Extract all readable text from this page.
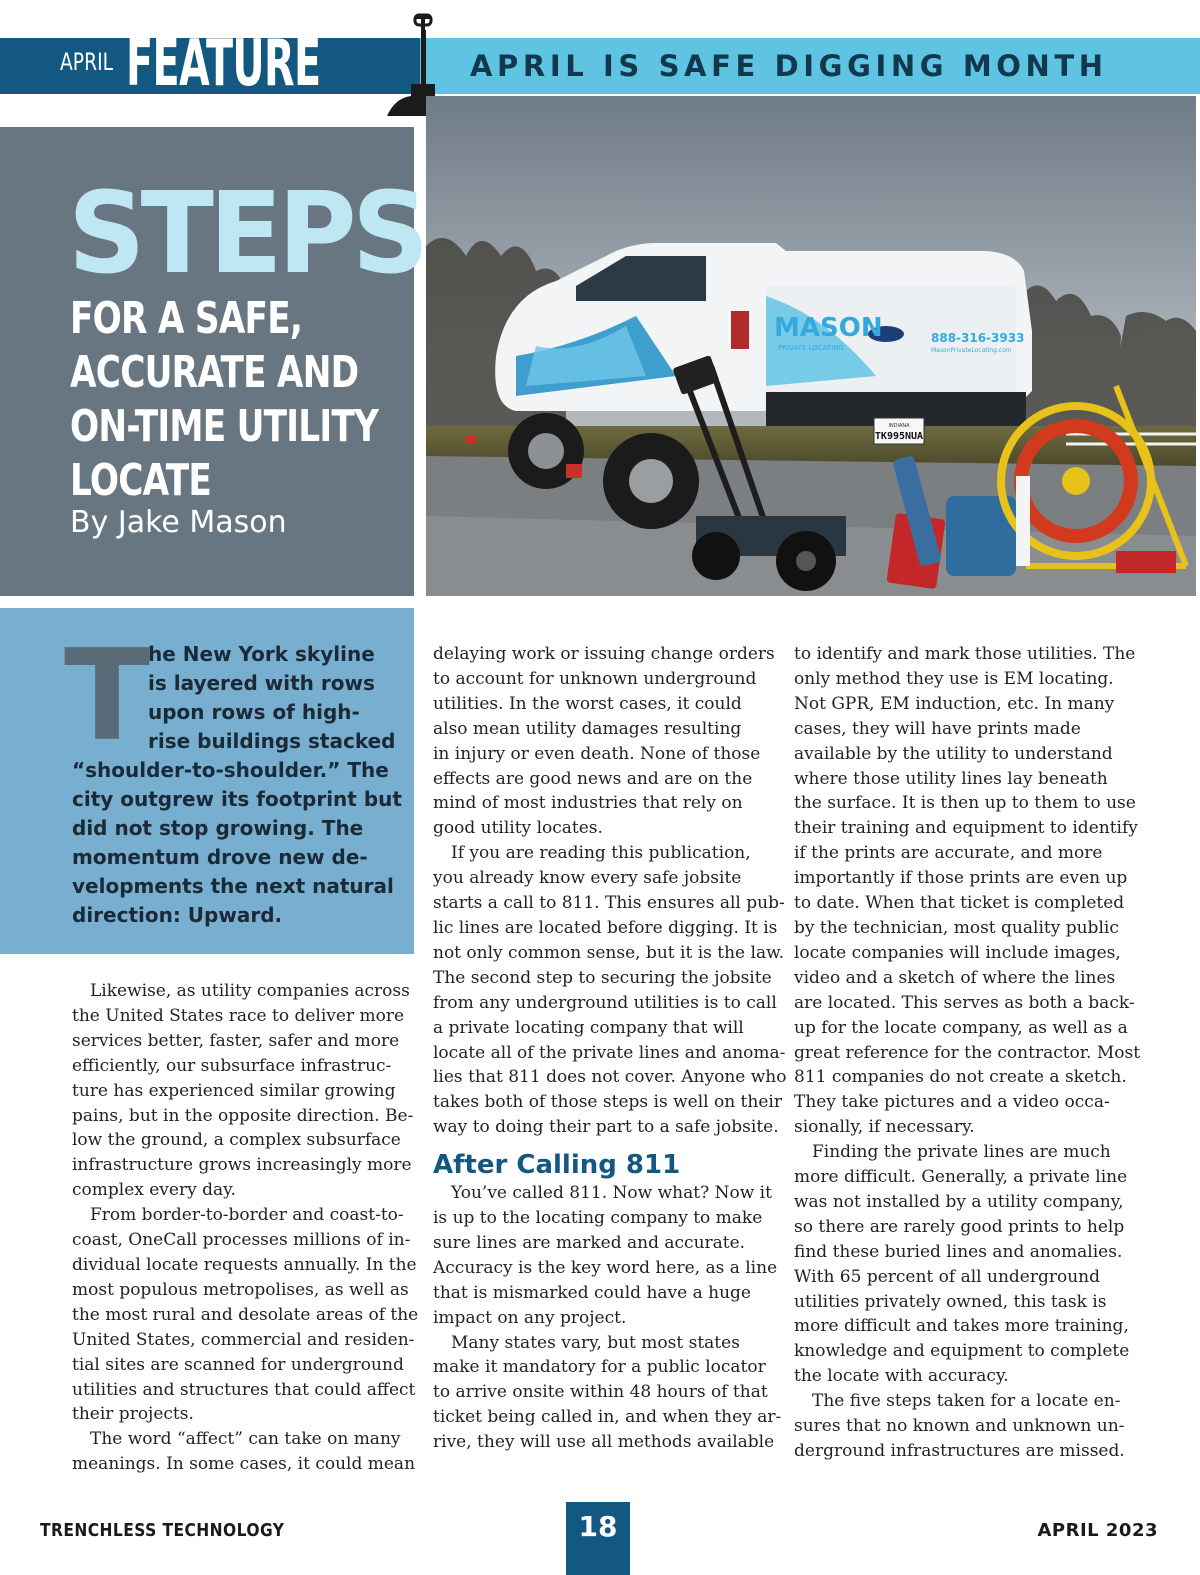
APRIL FEATURE	APRIL IS SAFE DIGGING MONTH
STEPS
FOR A SAFE,
ACCURATE AND
ON-TIME UTILITY
LOCATE
By Jake Mason
MASON
PRIVATE LOCATING
888-316-3933
MasonPrivateLocating.com
INDIANA
TK995NUA
T
he New York skyline
is layered with rows
upon rows of high-
rise buildings stacked
“shoulder-to-shoulder.” The
city outgrew its footprint but
did not stop growing. The
momentum drove new de-
velopments the next natural
direction: Upward.
Likewise, as utility companies across
the United States race to deliver more
services better, faster, safer and more
efficiently, our subsurface infrastruc-
ture has experienced similar growing
pains, but in the opposite direction. Be-
low the ground, a complex subsurface
infrastructure grows increasingly more
complex every day.
From border-to-border and coast-to-
coast, OneCall processes millions of in-
dividual locate requests annually. In the
most populous metropolises, as well as
the most rural and desolate areas of the
United States, commercial and residen-
tial sites are scanned for underground
utilities and structures that could affect
their projects.
The word “affect” can take on many
meanings. In some cases, it could mean
delaying work or issuing change orders
to account for unknown underground
utilities. In the worst cases, it could
also mean utility damages resulting
in injury or even death. None of those
effects are good news and are on the
mind of most industries that rely on
good utility locates.
If you are reading this publication,
you already know every safe jobsite
starts a call to 811. This ensures all pub-
lic lines are located before digging. It is
not only common sense, but it is the law.
The second step to securing the jobsite
from any underground utilities is to call
a private locating company that will
locate all of the private lines and anoma-
lies that 811 does not cover. Anyone who
takes both of those steps is well on their
way to doing their part to a safe jobsite.
After Calling 811
You’ve called 811. Now what? Now it
is up to the locating company to make
sure lines are marked and accurate.
Accuracy is the key word here, as a line
that is mismarked could have a huge
impact on any project.
Many states vary, but most states
make it mandatory for a public locator
to arrive onsite within 48 hours of that
ticket being called in, and when they ar-
rive, they will use all methods available
to identify and mark those utilities. The
only method they use is EM locating.
Not GPR, EM induction, etc. In many
cases, they will have prints made
available by the utility to understand
where those utility lines lay beneath
the surface. It is then up to them to use
their training and equipment to identify
if the prints are accurate, and more
importantly if those prints are even up
to date. When that ticket is completed
by the technician, most quality public
locate companies will include images,
video and a sketch of where the lines
are located. This serves as both a back-
up for the locate company, as well as a
great reference for the contractor. Most
811 companies do not create a sketch.
They take pictures and a video occa-
sionally, if necessary.
Finding the private lines are much
more difficult. Generally, a private line
was not installed by a utility company,
so there are rarely good prints to help
find these buried lines and anomalies.
With 65 percent of all underground
utilities privately owned, this task is
more difficult and takes more training,
knowledge and equipment to complete
the locate with accuracy.
The five steps taken for a locate en-
sures that no known and unknown un-
derground infrastructures are missed.
TRENCHLESS TECHNOLOGY	18	APRIL 2023
